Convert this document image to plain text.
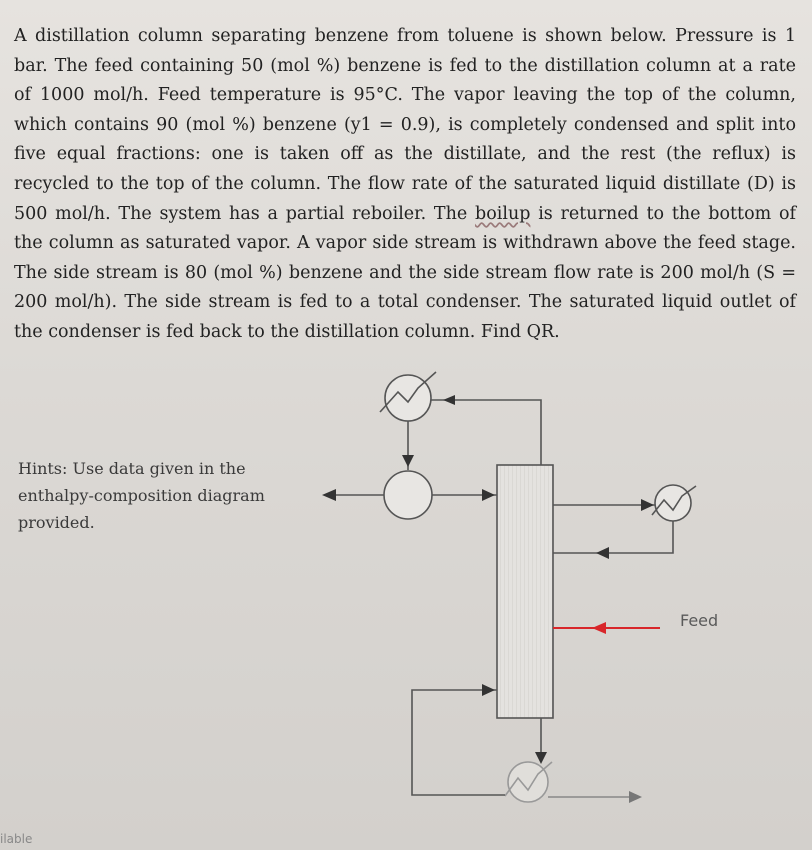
A distillation column separating benzene from toluene is shown below. Pressure is 1 bar. The feed containing 50 (mol %) benzene is fed to the distillation column at a rate of 1000 mol/h. Feed temperature is 95°C. The vapor leaving the top of the column, which contains 90 (mol %) benzene (y1 = 0.9), is completely condensed and split into five equal fractions: one is taken off as the distillate, and the rest (the reflux) is recycled to the top of the column. The flow rate of the saturated liquid distillate (D) is 500 mol/h. The system has a partial reboiler. The boilup is returned to the bottom of the column as saturated vapor. A vapor side stream is withdrawn above the feed stage. The side stream is 80 (mol %) benzene and the side stream flow rate is 200 mol/h (S = 200 mol/h). The side stream is fed to a total condenser. The saturated liquid outlet of the condenser is fed back to the distillation column. Find QR.

Hints: Use data given in the enthalpy-composition diagram provided.

Feed
ilable
